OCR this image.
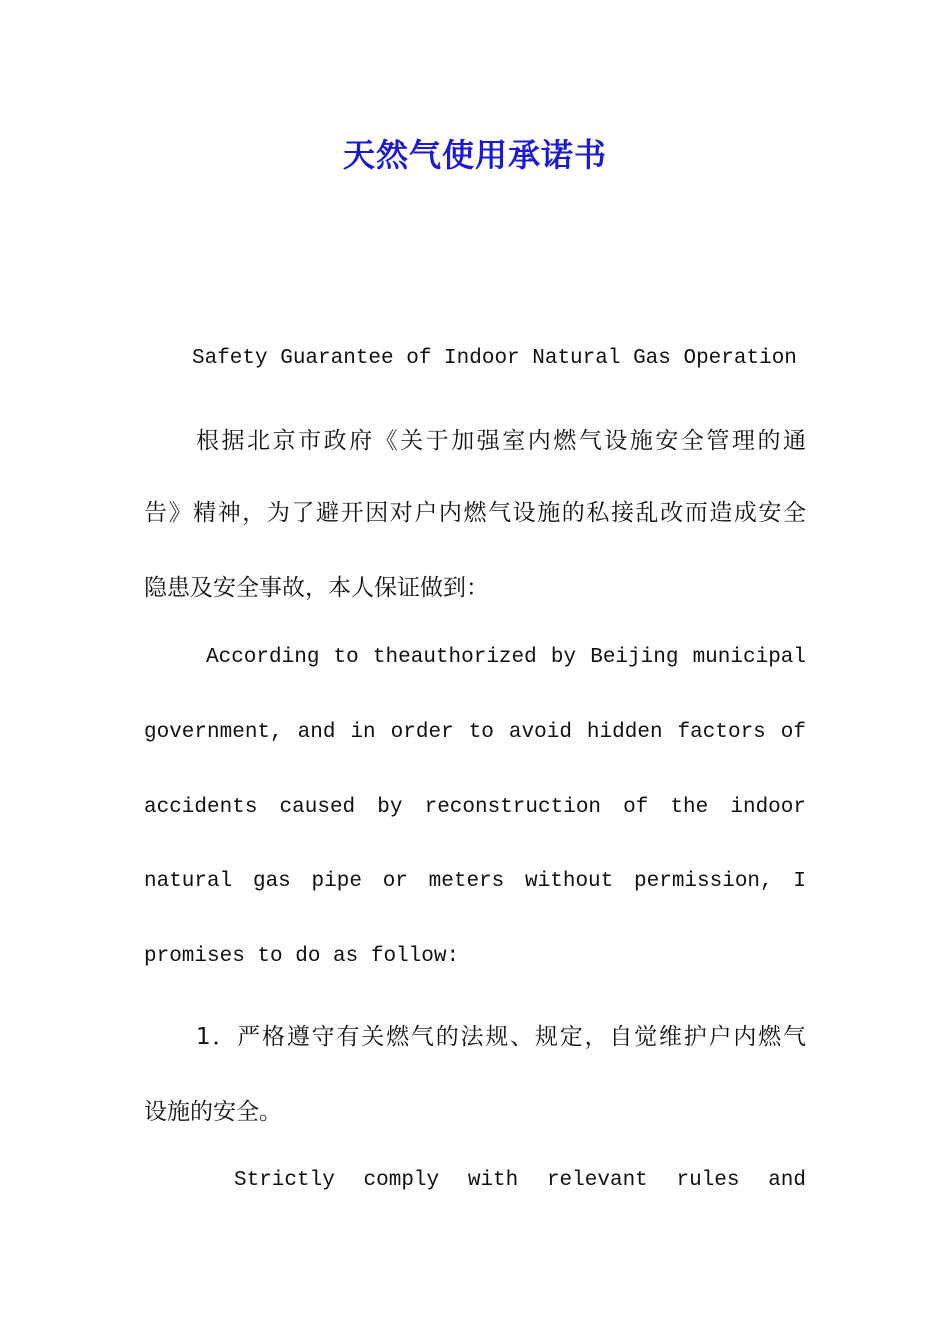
天然气使用承诺书
Safety Guarantee of Indoor Natural Gas Operation
根据北京市政府《关于加强室内燃气设施安全管理的通
告》精神，为了避开因对户内燃气设施的私接乱改而造成安全
隐患及安全事故，本人保证做到：
According to theauthorized by Beijing municipal
government, and in order to avoid hidden factors of
accidents caused by reconstruction of the indoor
natural gas pipe or meters without permission, I
promises to do as follow:
1．严格遵守有关燃气的法规、规定，自觉维护户内燃气
设施的安全。
Strictly comply with relevant rules and
